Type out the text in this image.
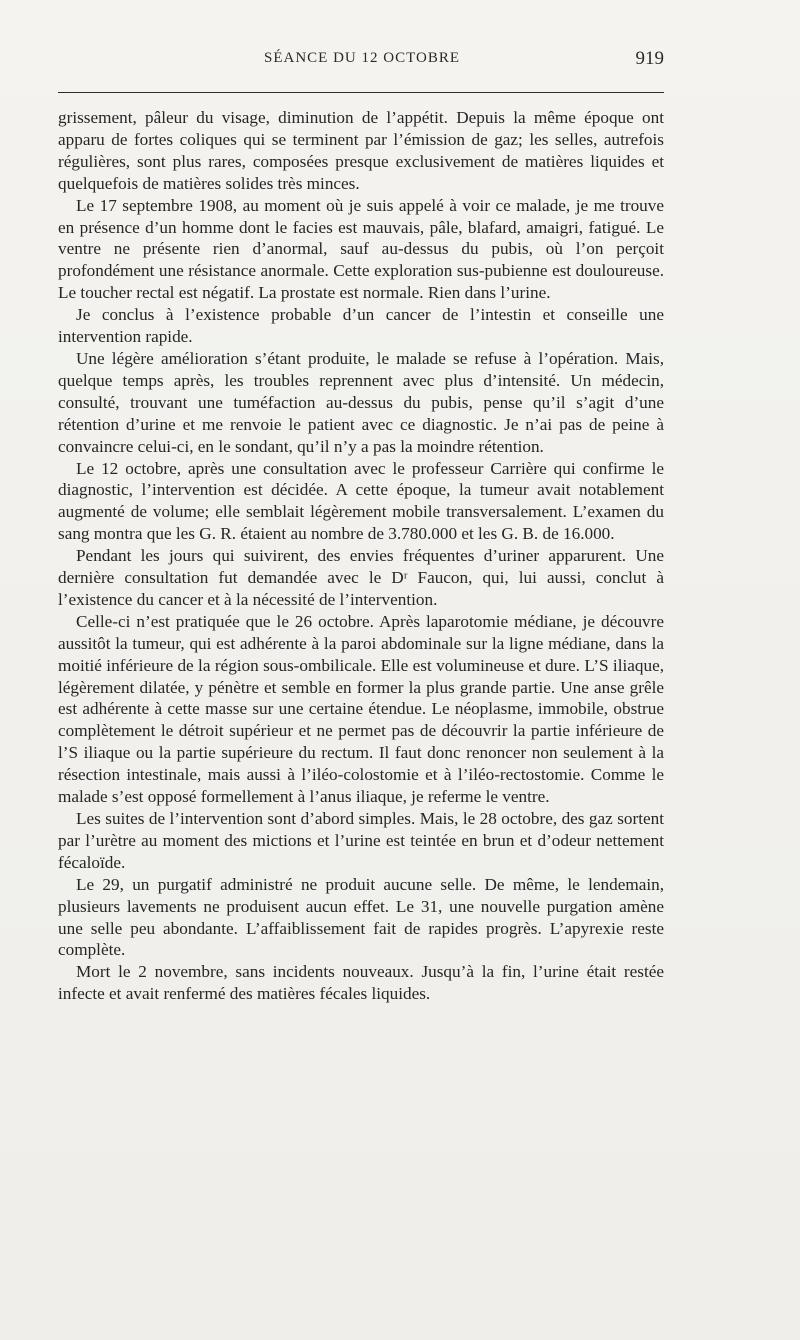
SÉANCE DU 12 OCTOBRE	919

grissement, pâleur du visage, diminution de l’appétit. Depuis la même époque ont apparu de fortes coliques qui se terminent par l’émission de gaz; les selles, autrefois régulières, sont plus rares, composées presque exclusivement de matières liquides et quelquefois de matières solides très minces.

Le 17 septembre 1908, au moment où je suis appelé à voir ce malade, je me trouve en présence d’un homme dont le facies est mauvais, pâle, blafard, amaigri, fatigué. Le ventre ne présente rien d’anormal, sauf au-dessus du pubis, où l’on perçoit profondément une résistance anormale. Cette exploration sus-pubienne est douloureuse. Le toucher rectal est négatif. La prostate est normale. Rien dans l’urine.

Je conclus à l’existence probable d’un cancer de l’intestin et conseille une intervention rapide.

Une légère amélioration s’étant produite, le malade se refuse à l’opération. Mais, quelque temps après, les troubles reprennent avec plus d’intensité. Un médecin, consulté, trouvant une tuméfaction au-dessus du pubis, pense qu’il s’agit d’une rétention d’urine et me renvoie le patient avec ce diagnostic. Je n’ai pas de peine à convaincre celui-ci, en le sondant, qu’il n’y a pas la moindre rétention.

Le 12 octobre, après une consultation avec le professeur Carrière qui confirme le diagnostic, l’intervention est décidée. A cette époque, la tumeur avait notablement augmenté de volume; elle semblait légèrement mobile transversalement. L’examen du sang montra que les G. R. étaient au nombre de 3.780.000 et les G. B. de 16.000.

Pendant les jours qui suivirent, des envies fréquentes d’uriner apparurent. Une dernière consultation fut demandée avec le Dʳ Faucon, qui, lui aussi, conclut à l’existence du cancer et à la nécessité de l’intervention.

Celle-ci n’est pratiquée que le 26 octobre. Après laparotomie médiane, je découvre aussitôt la tumeur, qui est adhérente à la paroi abdominale sur la ligne médiane, dans la moitié inférieure de la région sous-ombilicale. Elle est volumineuse et dure. L’S iliaque, légèrement dilatée, y pénètre et semble en former la plus grande partie. Une anse grêle est adhérente à cette masse sur une certaine étendue. Le néoplasme, immobile, obstrue complètement le détroit supérieur et ne permet pas de découvrir la partie inférieure de l’S iliaque ou la partie supérieure du rectum. Il faut donc renoncer non seulement à la résection intestinale, mais aussi à l’iléo-colostomie et à l’iléo-rectostomie. Comme le malade s’est opposé formellement à l’anus iliaque, je referme le ventre.

Les suites de l’intervention sont d’abord simples. Mais, le 28 octobre, des gaz sortent par l’urètre au moment des mictions et l’urine est teintée en brun et d’odeur nettement fécaloïde.

Le 29, un purgatif administré ne produit aucune selle. De même, le lendemain, plusieurs lavements ne produisent aucun effet. Le 31, une nouvelle purgation amène une selle peu abondante. L’affaiblissement fait de rapides progrès. L’apyrexie reste complète.

Mort le 2 novembre, sans incidents nouveaux. Jusqu’à la fin, l’urine était restée infecte et avait renfermé des matières fécales liquides.
